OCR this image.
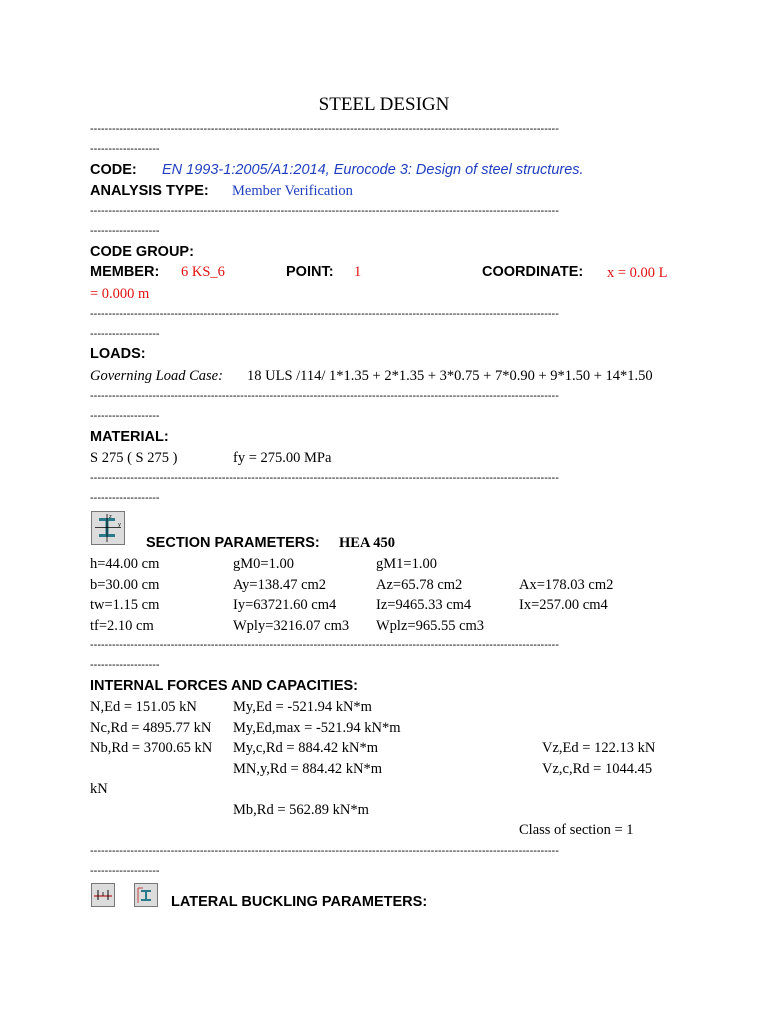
STEEL DESIGN
--------------------------------------------------------------------------------------------------------------------------------
-------------------
CODE: EN 1993-1:2005/A1:2014, Eurocode 3: Design of steel structures.
ANALYSIS TYPE: Member Verification
--------------------------------------------------------------------------------------------------------------------------------
-------------------
CODE GROUP:
MEMBER: 6 KS_6	POINT: 1	COORDINATE: x = 0.00 L
= 0.000 m
--------------------------------------------------------------------------------------------------------------------------------
-------------------
LOADS:
Governing Load Case: 18 ULS /114/ 1*1.35 + 2*1.35 + 3*0.75 + 7*0.90 + 9*1.50 + 14*1.50
--------------------------------------------------------------------------------------------------------------------------------
-------------------
MATERIAL:
S 275 ( S 275 )	fy = 275.00 MPa
--------------------------------------------------------------------------------------------------------------------------------
-------------------
z
y
SECTION PARAMETERS: HEA 450
h=44.00 cm	gM0=1.00	gM1=1.00
b=30.00 cm	Ay=138.47 cm2	Az=65.78 cm2	Ax=178.03 cm2
tw=1.15 cm	Iy=63721.60 cm4	Iz=9465.33 cm4	Ix=257.00 cm4
tf=2.10 cm	Wply=3216.07 cm3 Wplz=965.55 cm3
--------------------------------------------------------------------------------------------------------------------------------
-------------------
INTERNAL FORCES AND CAPACITIES:
N,Ed = 151.05 kN My,Ed = -521.94 kN*m
Nc,Rd = 4895.77 kN My,Ed,max = -521.94 kN*m
Nb,Rd = 3700.65 kN My,c,Rd = 884.42 kN*m	Vz,Ed = 122.13 kN
MN,y,Rd = 884.42 kN*m	Vz,c,Rd = 1044.45
kN
Mb,Rd = 562.89 kN*m
Class of section = 1
--------------------------------------------------------------------------------------------------------------------------------
-------------------
LATERAL BUCKLING PARAMETERS:
